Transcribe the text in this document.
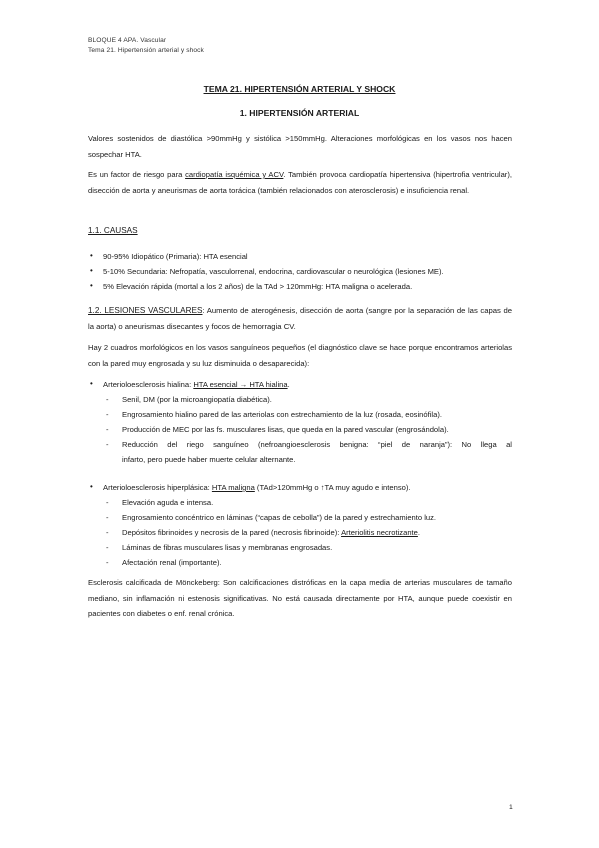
BLOQUE 4 APA. Vascular
Tema 21. Hipertensión arterial y shock
TEMA 21. HIPERTENSIÓN ARTERIAL Y SHOCK
1. HIPERTENSIÓN ARTERIAL
Valores sostenidos de diastólica >90mmHg y sistólica >150mmHg. Alteraciones morfológicas en los vasos nos hacen sospechar HTA.
Es un factor de riesgo para cardiopatía isquémica y ACV. También provoca cardiopatía hipertensiva (hipertrofia ventricular), disección de aorta y aneurismas de aorta torácica (también relacionados con aterosclerosis) e insuficiencia renal.
1.1. CAUSAS
• 90-95% Idiopático (Primaria): HTA esencial
• 5-10% Secundaria: Nefropatía, vasculorrenal, endocrina, cardiovascular o neurológica (lesiones ME).
• 5% Elevación rápida (mortal a los 2 años) de la TAd > 120mmHg: HTA maligna o acelerada.
1.2. LESIONES VASCULARES: Aumento de aterogénesis, disección de aorta (sangre por la separación de las capas de la aorta) o aneurismas disecantes y focos de hemorragia CV.
Hay 2 cuadros morfológicos en los vasos sanguíneos pequeños (el diagnóstico clave se hace porque encontramos arteriolas con la pared muy engrosada y su luz disminuida o desaparecida):
• Arterioloesclerosis hialina: HTA esencial → HTA hialina.
- Senil, DM (por la microangiopatía diabética).
- Engrosamiento hialino pared de las arteriolas con estrechamiento de la luz (rosada, eosinófila).
- Producción de MEC por las fs. musculares lisas, que queda en la pared vascular (engrosándola).
- Reducción del riego sanguíneo (nefroangioesclerosis benigna: “piel de naranja”): No llega al
infarto, pero puede haber muerte celular alternante.
• Arterioloesclerosis hiperplásica: HTA maligna (TAd>120mmHg o ↑TA muy agudo e intenso).
- Elevación aguda e intensa.
- Engrosamiento concéntrico en láminas (“capas de cebolla”) de la pared y estrechamiento luz.
- Depósitos fibrinoides y necrosis de la pared (necrosis fibrinoide): Arteriolitis necrotizante.
- Láminas de fibras musculares lisas y membranas engrosadas.
- Afectación renal (importante).
Esclerosis calcificada de Mönckeberg: Son calcificaciones distróficas en la capa media de arterias musculares de tamaño mediano, sin inflamación ni estenosis significativas. No está causada directamente por HTA, aunque puede coexistir en pacientes con diabetes o enf. renal crónica.
1
